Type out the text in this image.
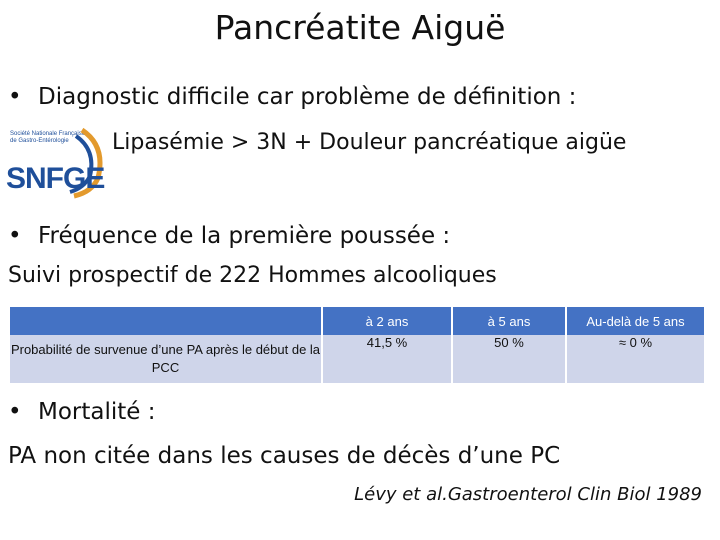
Pancréatite Aiguë
• Diagnostic difficile car problème de définition :
Société Nationale Française
de Gastro-Entérologie
SNFGE
Lipasémie > 3N + Douleur pancréatique aigüe
• Fréquence de la première poussée :
Suivi prospectif de 222 Hommes alcooliques
	à 2 ans	à 5 ans	Au-delà de 5 ans
Probabilité de survenue d’une PA après le début de la PCC	41,5 %	50 %	≈ 0 %
• Mortalité :
PA non citée dans les causes de décès d’une PC
Lévy et al.Gastroenterol Clin Biol 1989
